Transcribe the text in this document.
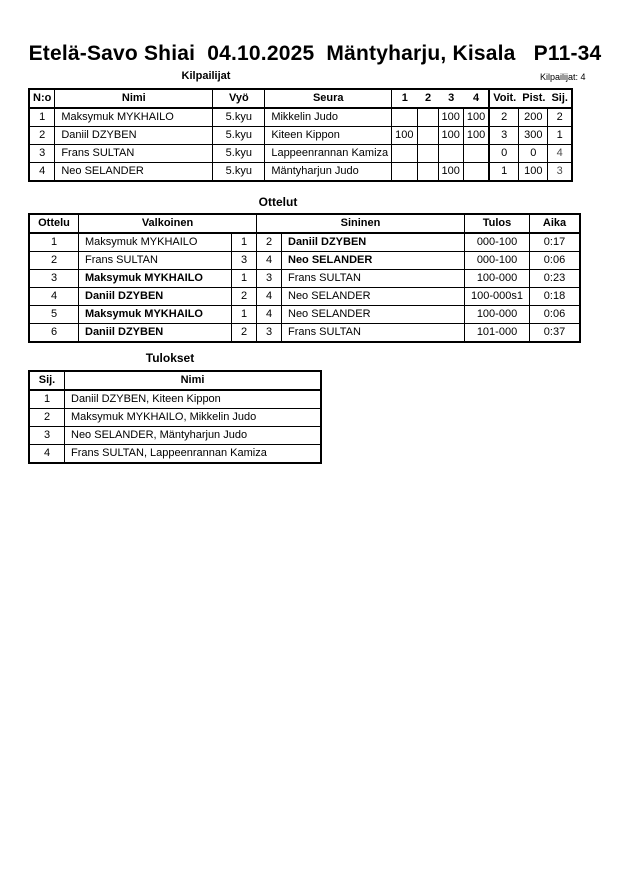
Etelä-Savo Shiai  04.10.2025  Mäntyharju, Kisala   P11-34
Kilpailijat	Kilpailijat: 4
N:o	Nimi	Vyö	Seura	1	2	3	4	Voit.	Pist.	Sij.
1	Maksymuk MYKHAILO	5.kyu	Mikkelin Judo			100	100	2	200	2
2	Daniil DZYBEN	5.kyu	Kiteen Kippon	100		100	100	3	300	1
3	Frans SULTAN	5.kyu	Lappeenrannan Kamiza					0	0	4
4	Neo SELANDER	5.kyu	Mäntyharjun Judo			100		1	100	3
Ottelut
Ottelu	Valkoinen		Sininen		Tulos	Aika
1	Maksymuk MYKHAILO	1	2	Daniil DZYBEN	000-100	0:17
2	Frans SULTAN	3	4	Neo SELANDER	000-100	0:06
3	Maksymuk MYKHAILO	1	3	Frans SULTAN	100-000	0:23
4	Daniil DZYBEN	2	4	Neo SELANDER	100-000s1	0:18
5	Maksymuk MYKHAILO	1	4	Neo SELANDER	100-000	0:06
6	Daniil DZYBEN	2	3	Frans SULTAN	101-000	0:37
Tulokset
Sij.	Nimi
1	Daniil DZYBEN, Kiteen Kippon
2	Maksymuk MYKHAILO, Mikkelin Judo
3	Neo SELANDER, Mäntyharjun Judo
4	Frans SULTAN, Lappeenrannan Kamiza
